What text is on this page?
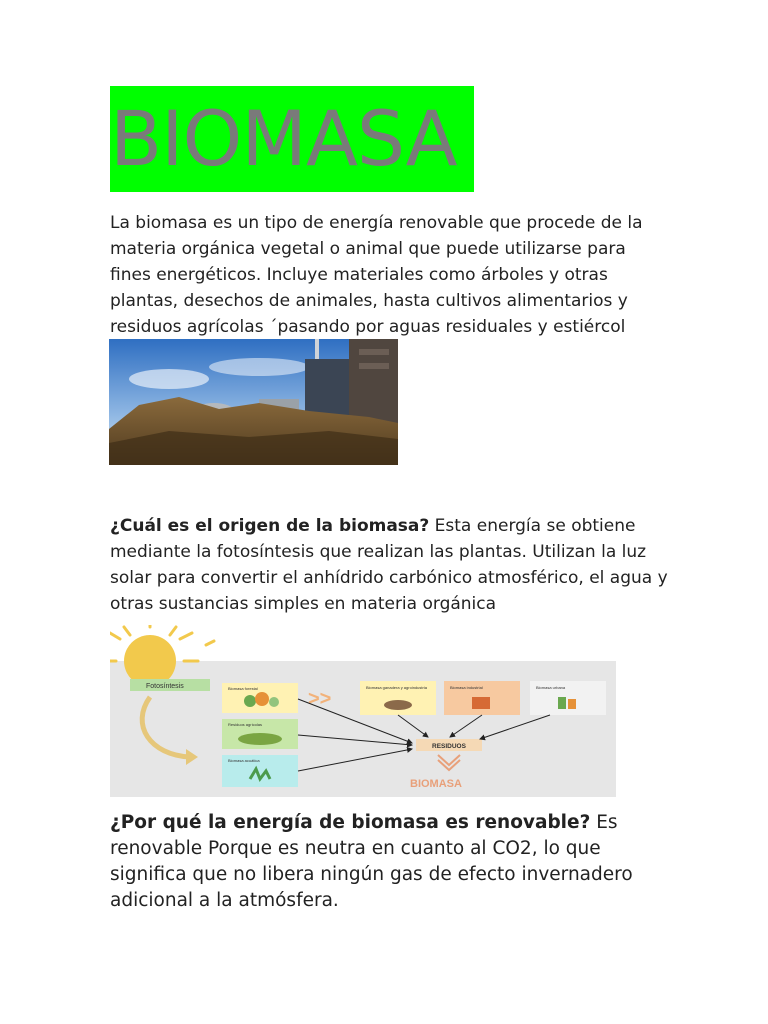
BIOMASA

La biomasa es un tipo de energía renovable que procede de la materia orgánica vegetal o animal que puede utilizarse para fines energéticos. Incluye materiales como árboles y otras plantas, desechos de animales, hasta cultivos alimentarios y residuos agrícolas ´pasando por aguas residuales y estiércol

¿Cuál es el origen de la biomasa? Esta energía se obtiene mediante la fotosíntesis que realizan las plantas. Utilizan la luz solar para convertir el anhídrido carbónico atmosférico, el agua y otras sustancias simples en materia orgánica

Fotosíntesis	Biomasa forestal
Residuos agrícolas
Biomasa acuática
>>
Biomasa ganadera y agroindustria	Biomasa industrial	Biomasa urbana
RESIDUOS
BIOMASA

¿Por qué la energía de biomasa es renovable? Es renovable Porque es neutra en cuanto al CO2, lo que significa que no libera ningún gas de efecto invernadero adicional a la atmósfera.
